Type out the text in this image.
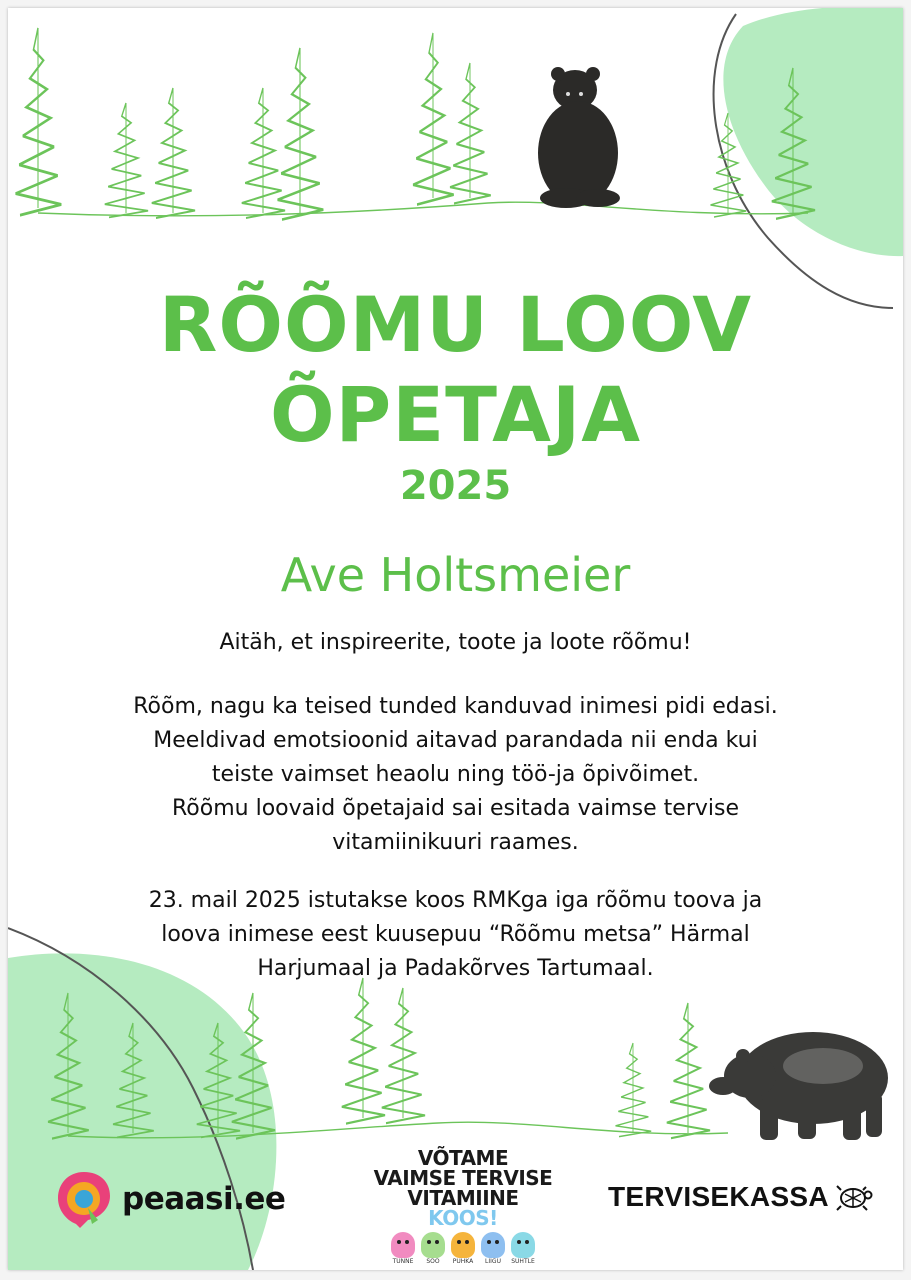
RÕÕMU LOOV
ÕPETAJA
2025
Ave Holtsmeier
Aitäh, et inspireerite, toote ja loote rõõmu!
Rõõm, nagu ka teised tunded kanduvad inimesi pidi edasi.
Meeldivad emotsioonid aitavad parandada nii enda kui
teiste vaimset heaolu ning töö-ja õpivõimet.
Rõõmu loovaid õpetajaid sai esitada vaimse tervise
vitamiinikuuri raames.
23. mail 2025 istutakse koos RMKga iga rõõmu toova ja
loova inimese eest kuusepuu “Rõõmu metsa” Härmal
Harjumaal ja Padakõrves Tartumaal.
peaasi.ee
VÕTAME
VAIMSE TERVISE
VITAMIINE
KOOS!
TUNNE	SÖÖ	PUHKA	LIIGU	SUHTLE
TERVISEKASSA
